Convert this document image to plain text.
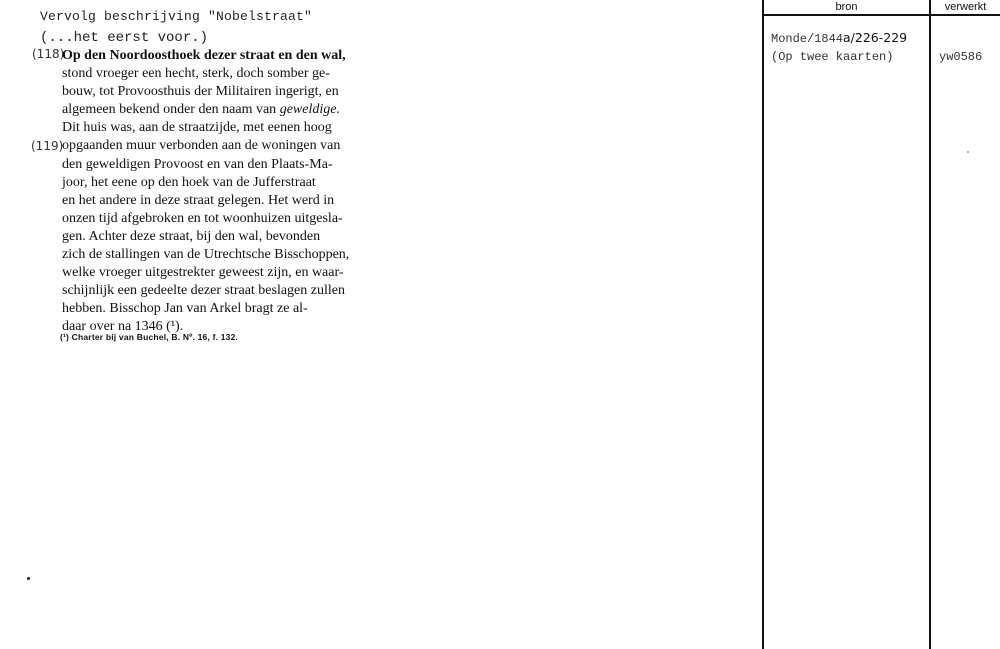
Vervolg beschrijving "Nobelstraat"
(...het eerst voor.)
(118)
(119)

Op den Noordoosthoek dezer straat en den wal,

stond vroeger een hecht, sterk, doch somber ge-

bouw, tot Provoosthuis der Militairen ingerigt, en

algemeen bekend onder den naam van geweldige.

Dit huis was, aan de straatzijde, met eenen hoog

opgaanden muur verbonden aan de woningen van

den geweldigen Provoost en van den Plaats-Ma-

joor, het eene op den hoek van de Jufferstraat

en het andere in deze straat gelegen. Het werd in

onzen tijd afgebroken en tot woonhuizen uitgesla-

gen. Achter deze straat, bij den wal, bevonden

zich de stallingen van de Utrechtsche Bisschoppen,

welke vroeger uitgestrekter geweest zijn, en waar-

schijnlijk een gedeelte dezer straat beslagen zullen

hebben. Bisschop Jan van Arkel bragt ze al-

daar over na 1346 (¹).

(¹) Charter bij van Buchel, B. Nº. 16, f. 132.
bron	verwerkt
Monde/1844a/226-229
(Op twee kaarten)	yw0586
